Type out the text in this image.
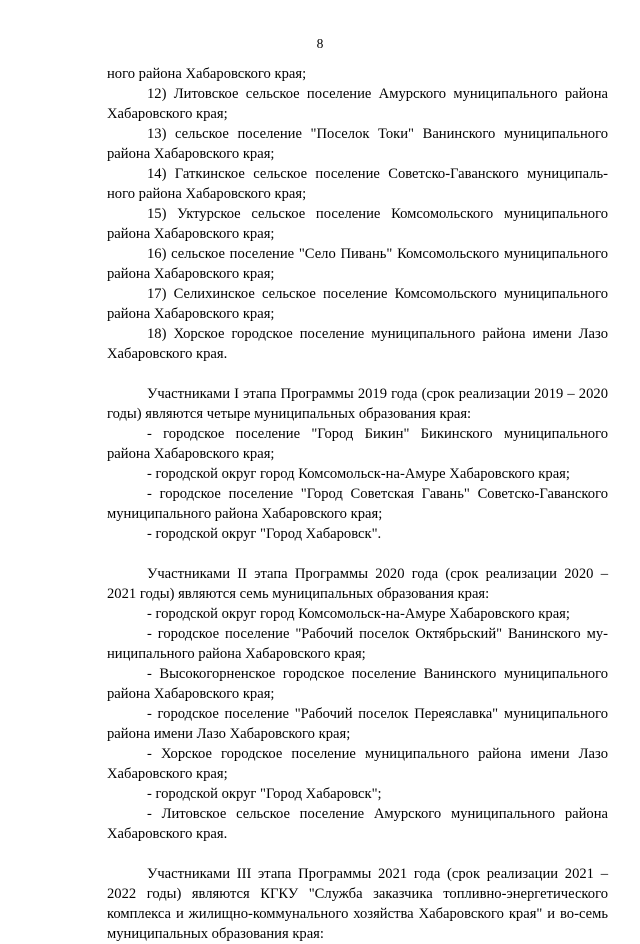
8

ного района Хабаровского края;

12) Литовское сельское поселение Амурского муниципального района Хабаровского края;

13) сельское поселение "Поселок Токи" Ванинского муниципального района Хабаровского края;

14) Гаткинское сельское поселение Советско-Гаванского муниципаль-ного района Хабаровского края;

15) Уктурское сельское поселение Комсомольского муниципального района Хабаровского края;

16) сельское поселение "Село Пивань" Комсомольского муниципального района Хабаровского края;

17) Селихинское сельское поселение Комсомольского муниципального района Хабаровского края;

18) Хорское городское поселение муниципального района имени Лазо Хабаровского края.

Участниками I этапа Программы 2019 года (срок реализации 2019 – 2020 годы) являются четыре муниципальных образования края:

- городское поселение "Город Бикин" Бикинского муниципального района Хабаровского края;

- городской округ город Комсомольск-на-Амуре Хабаровского края;

- городское поселение "Город Советская Гавань" Советско-Гаванского муниципального района Хабаровского края;

- городской округ "Город Хабаровск".

Участниками II этапа Программы 2020 года (срок реализации 2020 – 2021 годы) являются семь муниципальных образования края:

- городской округ город Комсомольск-на-Амуре Хабаровского края;

- городское поселение "Рабочий поселок Октябрьский" Ванинского му-ниципального района Хабаровского края;

- Высокогорненское городское поселение Ванинского муниципального района Хабаровского края;

- городское поселение "Рабочий поселок Переяславка" муниципального района имени Лазо Хабаровского края;

- Хорское городское поселение муниципального района имени Лазо Хабаровского края;

- городской округ "Город Хабаровск";

- Литовское сельское поселение Амурского муниципального района Хабаровского края.

Участниками III этапа Программы 2021 года (срок реализации 2021 – 2022 годы) являются КГКУ "Служба заказчика топливно-энергетического комплекса и жилищно-коммунального хозяйства Хабаровского края" и во-семь муниципальных образования края:
